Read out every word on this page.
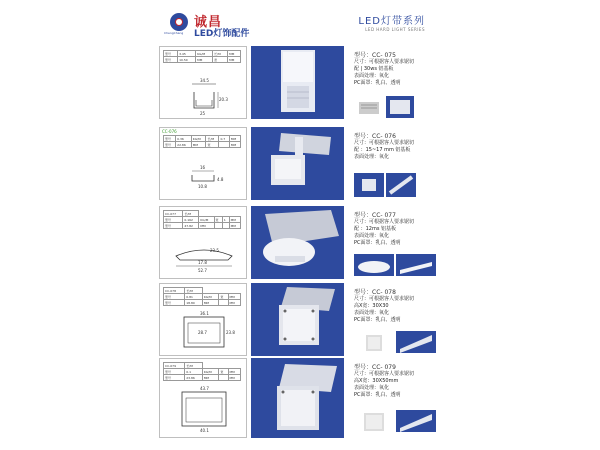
ChengChang
诚昌
LED灯饰配件
LED灯带系列
LED HARD LIGHT SERIES
型号	3.45	KG/M	长/M	MM
型号	10.50	MM	宽	MM
34.5
20.3
25
型号：CC- 075
尺寸：可根据客人要求锯切
配 | 30ws 铝基板
表面处理：氧化
PC面罩：乳白、透明
CC-076
型号	0.36	KG/M	长/M	0.7	MM
型号	22.86	MM	宽		MM
16
10.8
4.8
型号：CC- 076
尺寸：可根据客人要求锯切
配 ：15~17 mm 铝基板
表面处理：氧化
CC-077	长/M				
型号	0.162	KG/M	宽	1	MM
型号	47.82	MM			MM
23.5
17.8
52.7
型号：CC- 077
尺寸：可根据客人要求锯切
配 ：12ms 铝基板
表面处理：氧化
PC面罩：乳白、透明
CC-078	长/M			
型号	0.81	KG/M	宽	MM
型号	18.80	MM		MM
36.1
28.7	23.8
型号：CC- 078
尺寸：可根据客人要求锯切
高X宽：30X30
表面处理：氧化
PC面罩：乳白、透明
CC-079	长/M			
型号	0.1	KG/M	宽	MM
型号	23.86	MM		MM
43.7
40.1
型号：CC- 079
尺寸：可根据客人要求锯切
高X宽：30X50mm
表面处理：氧化
PC面罩：乳白、透明
